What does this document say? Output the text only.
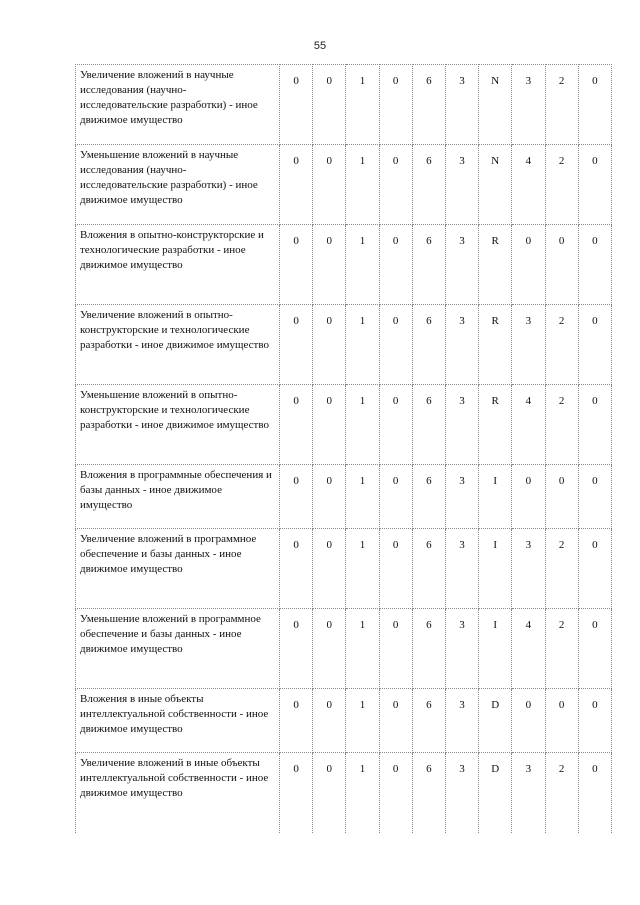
55
Увеличение вложений в научные исследования (научно-исследовательские разработки) - иное движимое имущество	0	0	1	0	6	3	N	3	2	0
Уменьшение вложений в научные исследования (научно-исследовательские разработки) - иное движимое имущество	0	0	1	0	6	3	N	4	2	0
Вложения в опытно-конструкторские и технологические разработки - иное движимое имущество	0	0	1	0	6	3	R	0	0	0
Увеличение вложений в опытно-конструкторские и технологические разработки - иное движимое имущество	0	0	1	0	6	3	R	3	2	0
Уменьшение вложений в опытно-конструкторские и технологические разработки - иное движимое имущество	0	0	1	0	6	3	R	4	2	0
Вложения в программные обеспечения и базы данных - иное движимое имущество	0	0	1	0	6	3	I	0	0	0
Увеличение вложений в программное обеспечение и базы данных - иное движимое имущество	0	0	1	0	6	3	I	3	2	0
Уменьшение вложений в программное обеспечение и базы данных - иное движимое имущество	0	0	1	0	6	3	I	4	2	0
Вложения в иные объекты интеллектуальной собственности - иное движимое имущество	0	0	1	0	6	3	D	0	0	0
Увеличение вложений в иные объекты интеллектуальной собственности - иное движимое имущество	0	0	1	0	6	3	D	3	2	0
